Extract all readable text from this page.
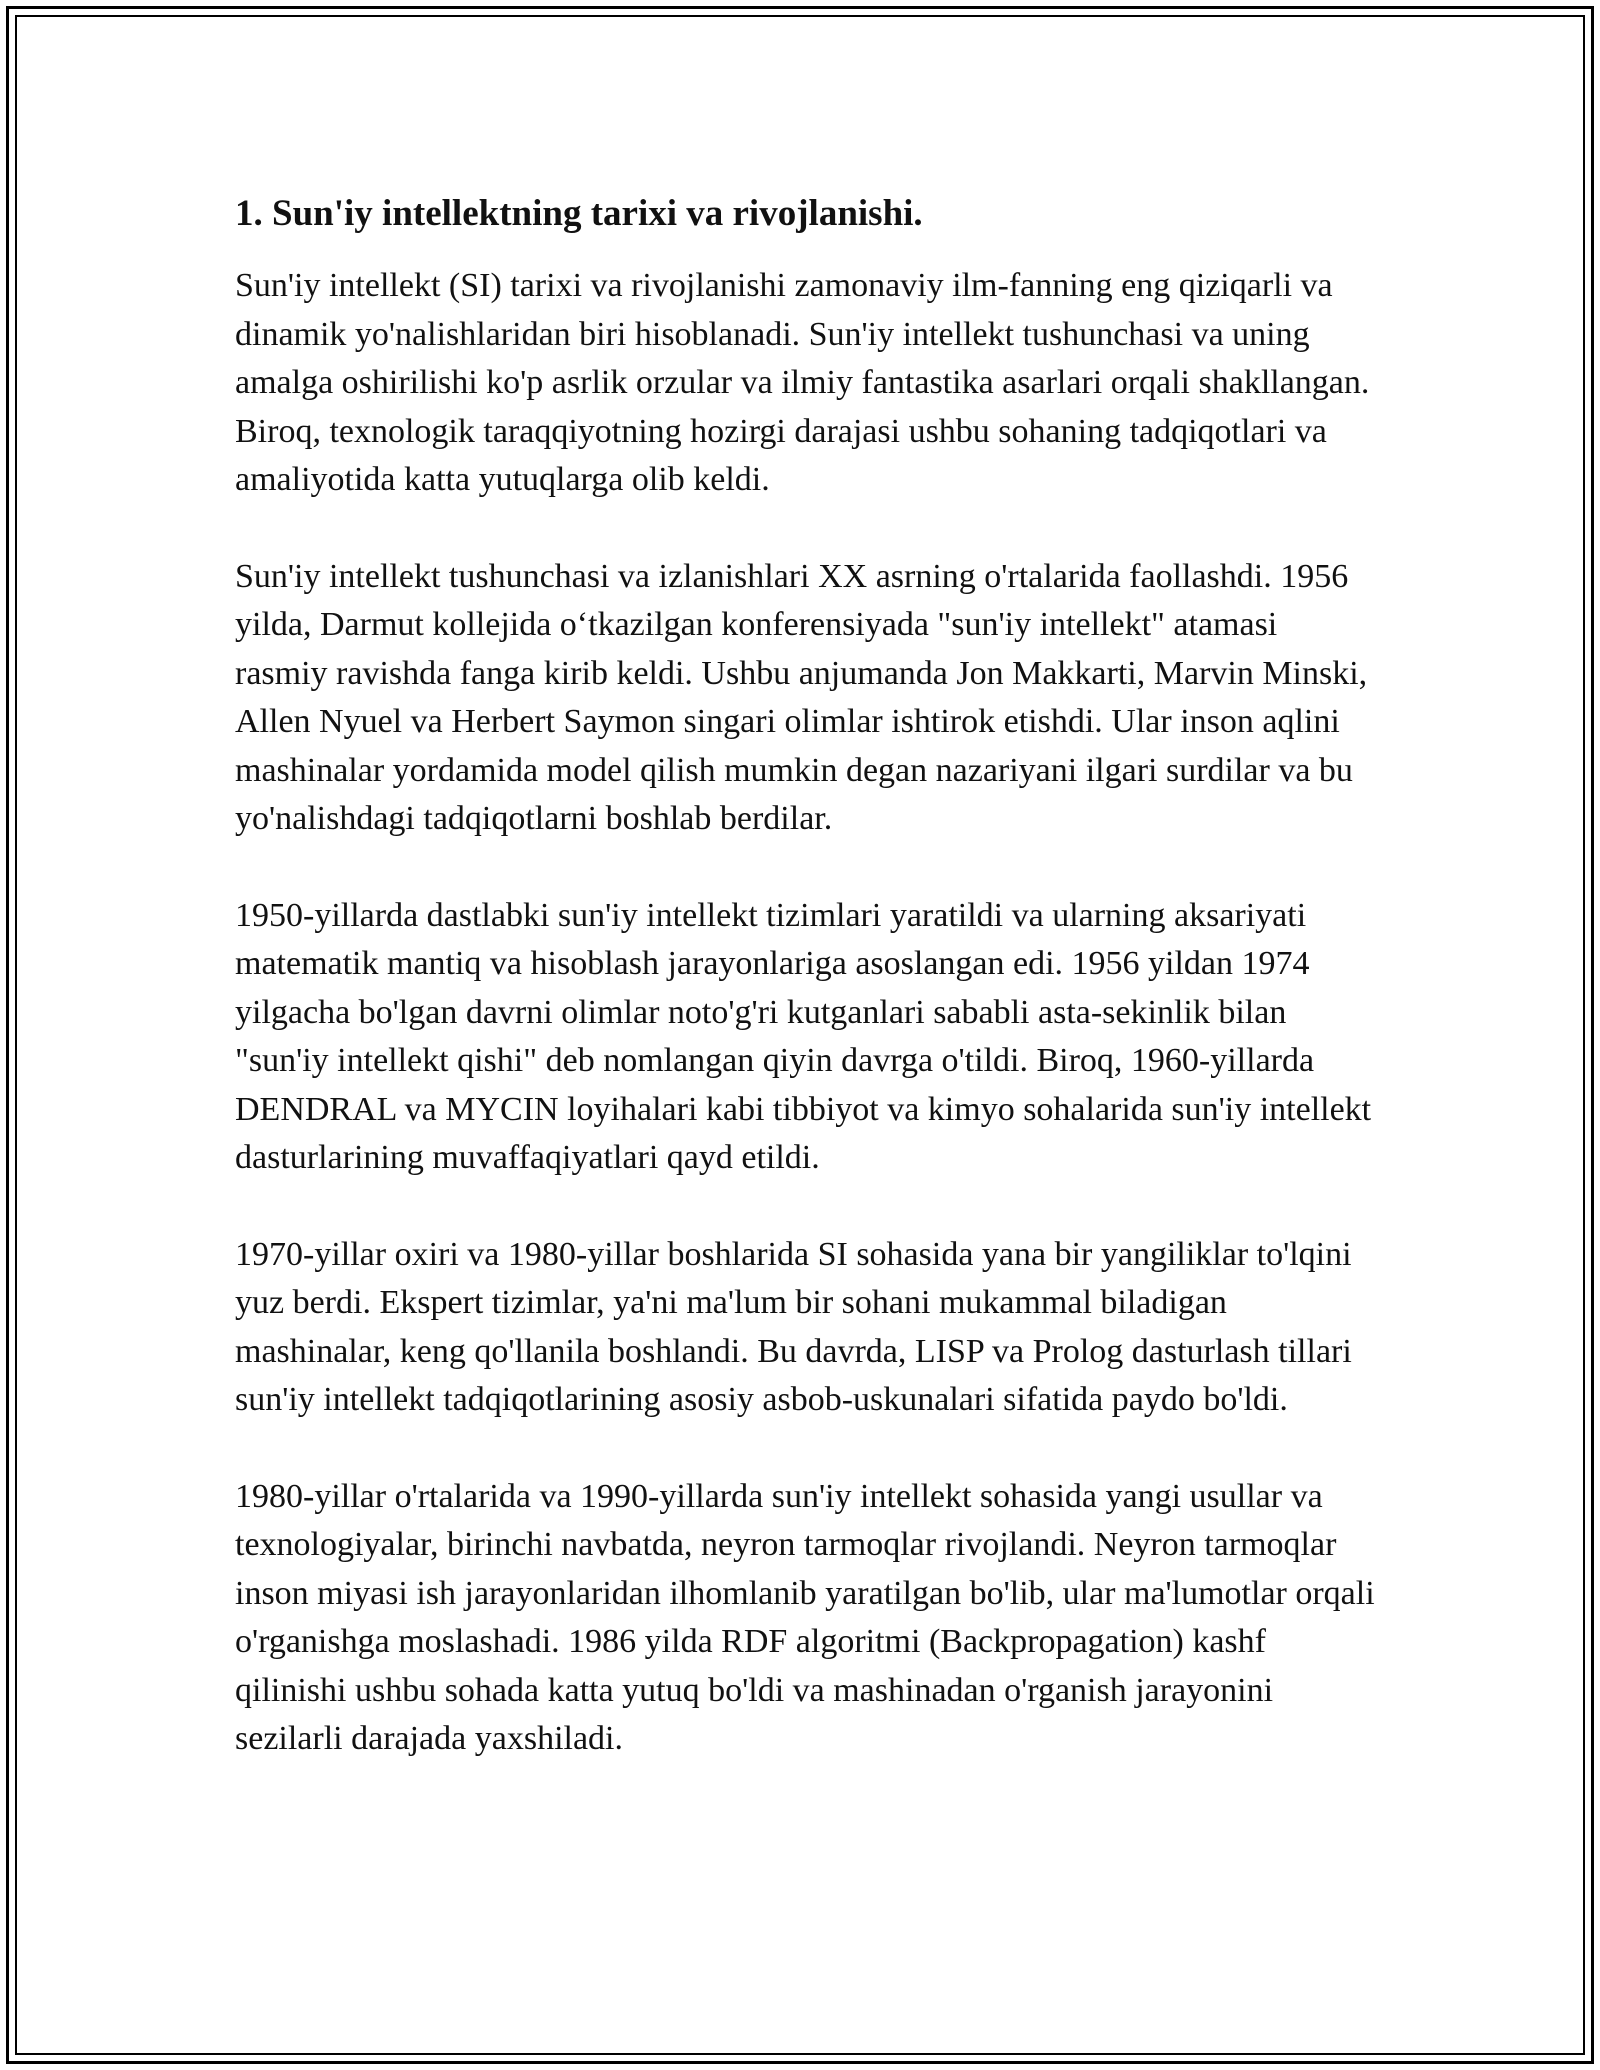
1. Sun'iy intellektning tarixi va rivojlanishi.

Sun'iy intellekt (SI) tarixi va rivojlanishi zamonaviy ilm-fanning eng qiziqarli va dinamik yo'nalishlaridan biri hisoblanadi. Sun'iy intellekt tushunchasi va uning amalga oshirilishi ko'p asrlik orzular va ilmiy fantastika asarlari orqali shakllangan. Biroq, texnologik taraqqiyotning hozirgi darajasi ushbu sohaning tadqiqotlari va amaliyotida katta yutuqlarga olib keldi.

Sun'iy intellekt tushunchasi va izlanishlari XX asrning o'rtalarida faollashdi. 1956 yilda, Darmut kollejida o‘tkazilgan konferensiyada "sun'iy intellekt" atamasi rasmiy ravishda fanga kirib keldi. Ushbu anjumanda Jon Makkarti, Marvin Minski, Allen Nyuel va Herbert Saymon singari olimlar ishtirok etishdi. Ular inson aqlini mashinalar yordamida model qilish mumkin degan nazariyani ilgari surdilar va bu yo'nalishdagi tadqiqotlarni boshlab berdilar.

1950-yillarda dastlabki sun'iy intellekt tizimlari yaratildi va ularning aksariyati matematik mantiq va hisoblash jarayonlariga asoslangan edi. 1956 yildan 1974 yilgacha bo'lgan davrni olimlar noto'g'ri kutganlari sababli asta-sekinlik bilan "sun'iy intellekt qishi" deb nomlangan qiyin davrga o'tildi. Biroq, 1960-yillarda DENDRAL va MYCIN loyihalari kabi tibbiyot va kimyo sohalarida sun'iy intellekt dasturlarining muvaffaqiyatlari qayd etildi.

1970-yillar oxiri va 1980-yillar boshlarida SI sohasida yana bir yangiliklar to'lqini yuz berdi. Ekspert tizimlar, ya'ni ma'lum bir sohani mukammal biladigan mashinalar, keng qo'llanila boshlandi. Bu davrda, LISP va Prolog dasturlash tillari sun'iy intellekt tadqiqotlarining asosiy asbob-uskunalari sifatida paydo bo'ldi.

1980-yillar o'rtalarida va 1990-yillarda sun'iy intellekt sohasida yangi usullar va texnologiyalar, birinchi navbatda, neyron tarmoqlar rivojlandi. Neyron tarmoqlar inson miyasi ish jarayonlaridan ilhomlanib yaratilgan bo'lib, ular ma'lumotlar orqali o'rganishga moslashadi. 1986 yilda RDF algoritmi (Backpropagation) kashf qilinishi ushbu sohada katta yutuq bo'ldi va mashinadan o'rganish jarayonini sezilarli darajada yaxshiladi.
